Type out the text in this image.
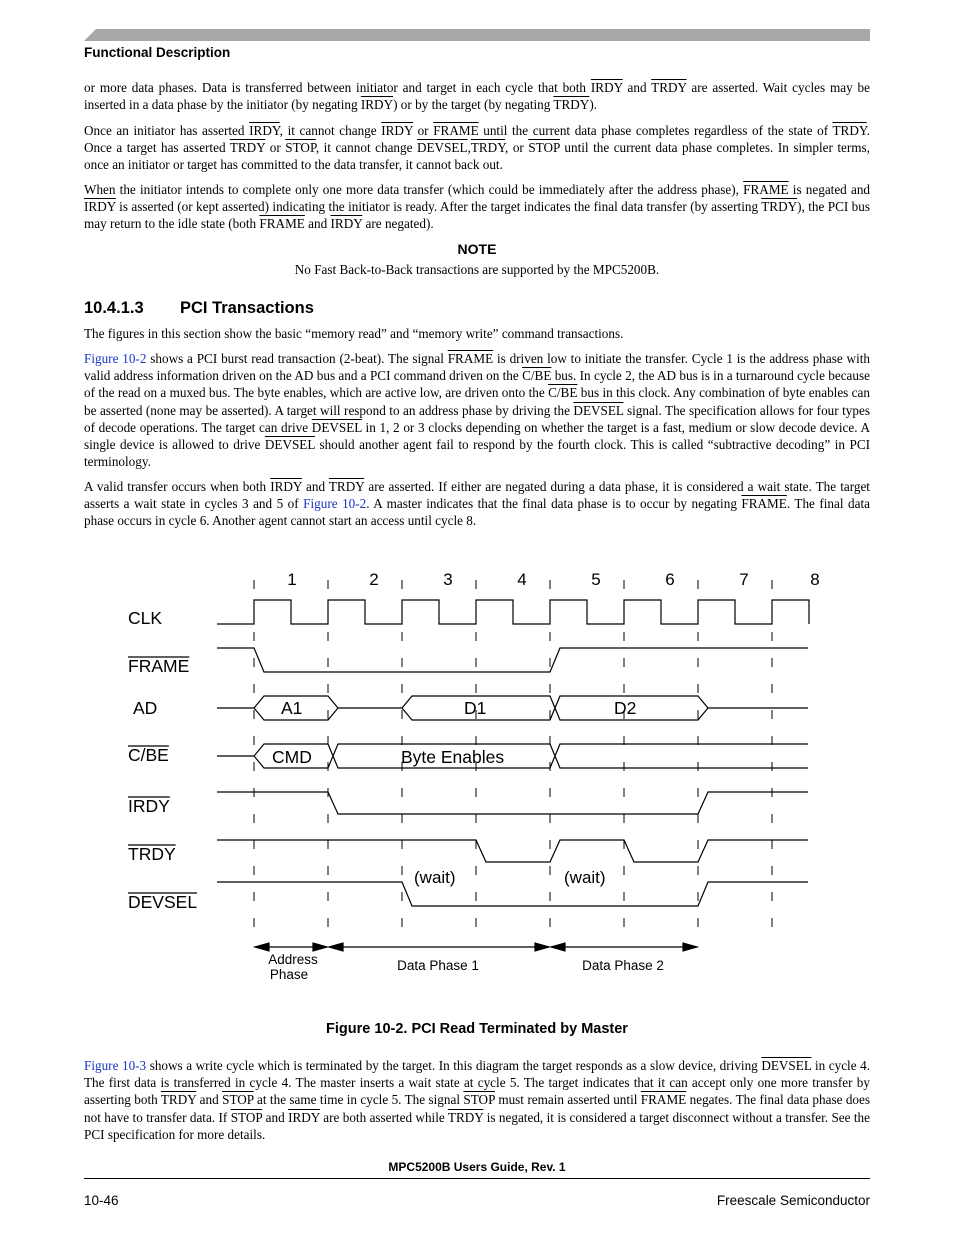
Functional Description
or more data phases. Data is transferred between initiator and target in each cycle that both IRDY and TRDY are asserted. Wait cycles may be inserted in a data phase by the initiator (by negating IRDY) or by the target (by negating TRDY).
Once an initiator has asserted IRDY, it cannot change IRDY or FRAME until the current data phase completes regardless of the state of TRDY. Once a target has asserted TRDY or STOP, it cannot change DEVSEL,TRDY, or STOP until the current data phase completes. In simpler terms, once an initiator or target has committed to the data transfer, it cannot back out.
When the initiator intends to complete only one more data transfer (which could be immediately after the address phase), FRAME is negated and IRDY is asserted (or kept asserted) indicating the initiator is ready. After the target indicates the final data transfer (by asserting TRDY), the PCI bus may return to the idle state (both FRAME and IRDY are negated).
NOTE
No Fast Back-to-Back transactions are supported by the MPC5200B.
10.4.1.3 PCI Transactions
The figures in this section show the basic “memory read” and “memory write” command transactions.
Figure 10-2 shows a PCI burst read transaction (2-beat). The signal FRAME is driven low to initiate the transfer. Cycle 1 is the address phase with valid address information driven on the AD bus and a PCI command driven on the C/BE bus. In cycle 2, the AD bus is in a turnaround cycle because of the read on a muxed bus. The byte enables, which are active low, are driven onto the C/BE bus in this clock. Any combination of byte enables can be asserted (none may be asserted). A target will respond to an address phase by driving the DEVSEL signal. The specification allows for four types of decode operations. The target can drive DEVSEL in 1, 2 or 3 clocks depending on whether the target is a fast, medium or slow decode device. A single device is allowed to drive DEVSEL should another agent fail to respond by the fourth clock. This is called “subtractive decoding” in PCI terminology.
A valid transfer occurs when both IRDY and TRDY are asserted. If either are negated during a data phase, it is considered a wait state. The target asserts a wait state in cycles 3 and 5 of Figure 10-2. A master indicates that the final data phase is to occur by negating FRAME. The final data phase occurs in cycle 6. Another agent cannot start an access until cycle 8.
1	2	3	4	5	6	7	8
CLK
FRAME
AD
C/BE
IRDY
TRDY
DEVSEL
A1	D1	D2
CMD	Byte Enables
(wait)	(wait)
Address
Phase
Data Phase 1	Data Phase 2
Figure 10-2. PCI Read Terminated by Master
Figure 10-3 shows a write cycle which is terminated by the target. In this diagram the target responds as a slow device, driving DEVSEL in cycle 4. The first data is transferred in cycle 4. The master inserts a wait state at cycle 5. The target indicates that it can accept only one more transfer by asserting both TRDY and STOP at the same time in cycle 5. The signal STOP must remain asserted until FRAME negates. The final data phase does not have to transfer data. If STOP and IRDY are both asserted while TRDY is negated, it is considered a target disconnect without a transfer. See the PCI specification for more details.
MPC5200B Users Guide, Rev. 1
10-46	Freescale Semiconductor
